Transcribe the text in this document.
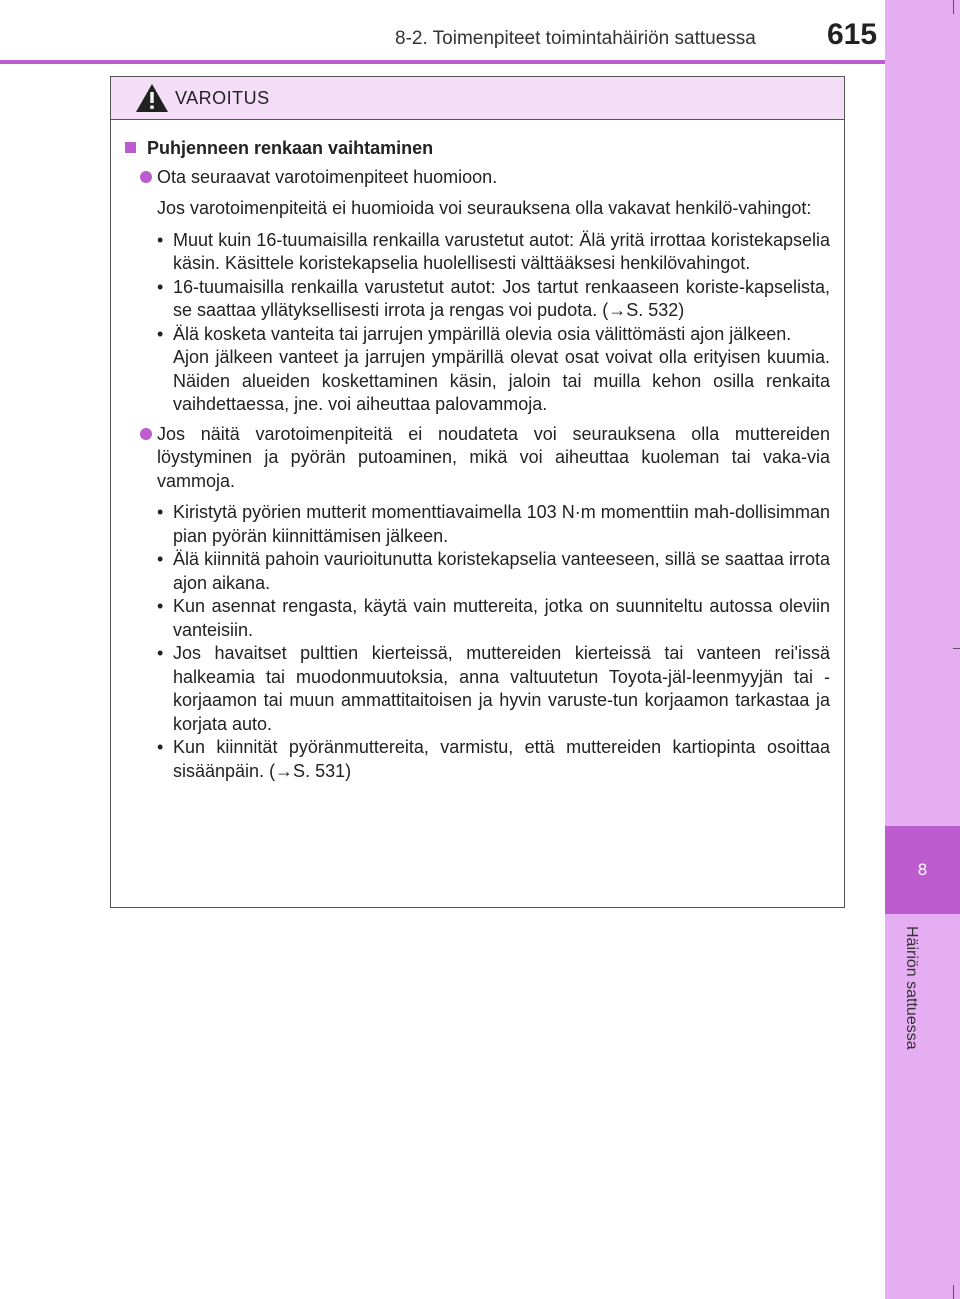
8
Häiriön sattuessa
8-2. Toimenpiteet toimintahäiriön sattuessa 615
VAROITUS
Puhjenneen renkaan vaihtaminen
Ota seuraavat varotoimenpiteet huomioon.
Jos varotoimenpiteitä ei huomioida voi seurauksena olla vakavat henkilö-vahingot:
• Muut kuin 16-tuumaisilla renkailla varustetut autot: Älä yritä irrottaa koristekapselia käsin. Käsittele koristekapselia huolellisesti välttääksesi henkilövahingot.
• 16-tuumaisilla renkailla varustetut autot: Jos tartut renkaaseen koriste-kapselista, se saattaa yllätyksellisesti irrota ja rengas voi pudota. (→S. 532)
• Älä kosketa vanteita tai jarrujen ympärillä olevia osia välittömästi ajon jälkeen.
Ajon jälkeen vanteet ja jarrujen ympärillä olevat osat voivat olla erityisen kuumia. Näiden alueiden koskettaminen käsin, jaloin tai muilla kehon osilla renkaita vaihdettaessa, jne. voi aiheuttaa palovammoja.
Jos näitä varotoimenpiteitä ei noudateta voi seurauksena olla muttereiden löystyminen ja pyörän putoaminen, mikä voi aiheuttaa kuoleman tai vaka-via vammoja.
• Kiristytä pyörien mutterit momenttiavaimella 103 N·m momenttiin mah-dollisimman pian pyörän kiinnittämisen jälkeen.
• Älä kiinnitä pahoin vaurioitunutta koristekapselia vanteeseen, sillä se saattaa irrota ajon aikana.
• Kun asennat rengasta, käytä vain muttereita, jotka on suunniteltu autossa oleviin vanteisiin.
• Jos havaitset pulttien kierteissä, muttereiden kierteissä tai vanteen rei'issä halkeamia tai muodonmuutoksia, anna valtuutetun Toyota-jäl-leenmyyjän tai -korjaamon tai muun ammattitaitoisen ja hyvin varuste-tun korjaamon tarkastaa ja korjata auto.
• Kun kiinnität pyöränmuttereita, varmistu, että muttereiden kartiopinta osoittaa sisäänpäin. (→S. 531)
